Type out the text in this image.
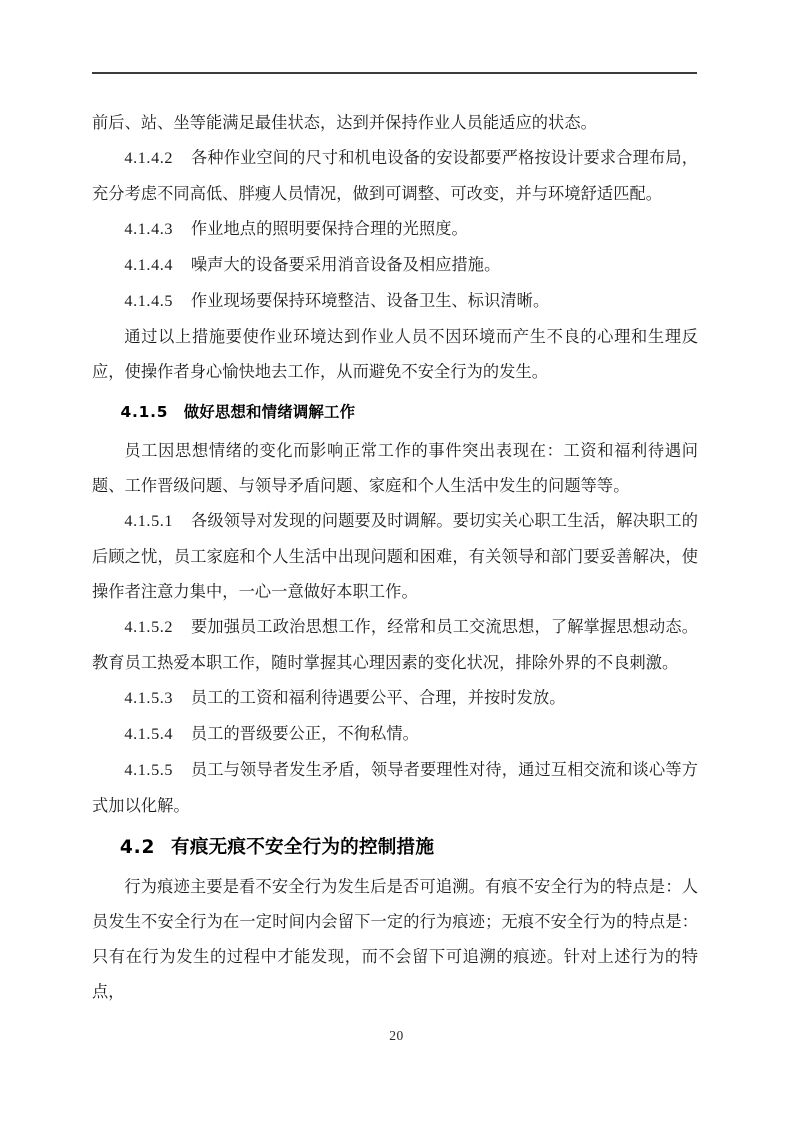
前后、站、坐等能满足最佳状态，达到并保持作业人员能适应的状态。

4.1.4.2 各种作业空间的尺寸和机电设备的安设都要严格按设计要求合理布局，充分考虑不同高低、胖瘦人员情况，做到可调整、可改变，并与环境舒适匹配。

4.1.4.3 作业地点的照明要保持合理的光照度。

4.1.4.4 噪声大的设备要采用消音设备及相应措施。

4.1.4.5 作业现场要保持环境整洁、设备卫生、标识清晰。

通过以上措施要使作业环境达到作业人员不因环境而产生不良的心理和生理反应，使操作者身心愉快地去工作，从而避免不安全行为的发生。

4.1.5 做好思想和情绪调解工作

员工因思想情绪的变化而影响正常工作的事件突出表现在：工资和福利待遇问题、工作晋级问题、与领导矛盾问题、家庭和个人生活中发生的问题等等。

4.1.5.1 各级领导对发现的问题要及时调解。要切实关心职工生活，解决职工的后顾之忧，员工家庭和个人生活中出现问题和困难，有关领导和部门要妥善解决，使操作者注意力集中，一心一意做好本职工作。

4.1.5.2 要加强员工政治思想工作，经常和员工交流思想，了解掌握思想动态。教育员工热爱本职工作，随时掌握其心理因素的变化状况，排除外界的不良刺激。

4.1.5.3 员工的工资和福利待遇要公平、合理，并按时发放。

4.1.5.4 员工的晋级要公正，不徇私情。

4.1.5.5 员工与领导者发生矛盾，领导者要理性对待，通过互相交流和谈心等方式加以化解。

4.2 有痕无痕不安全行为的控制措施

行为痕迹主要是看不安全行为发生后是否可追溯。有痕不安全行为的特点是：人员发生不安全行为在一定时间内会留下一定的行为痕迹；无痕不安全行为的特点是：只有在行为发生的过程中才能发现，而不会留下可追溯的痕迹。针对上述行为的特点，

20
